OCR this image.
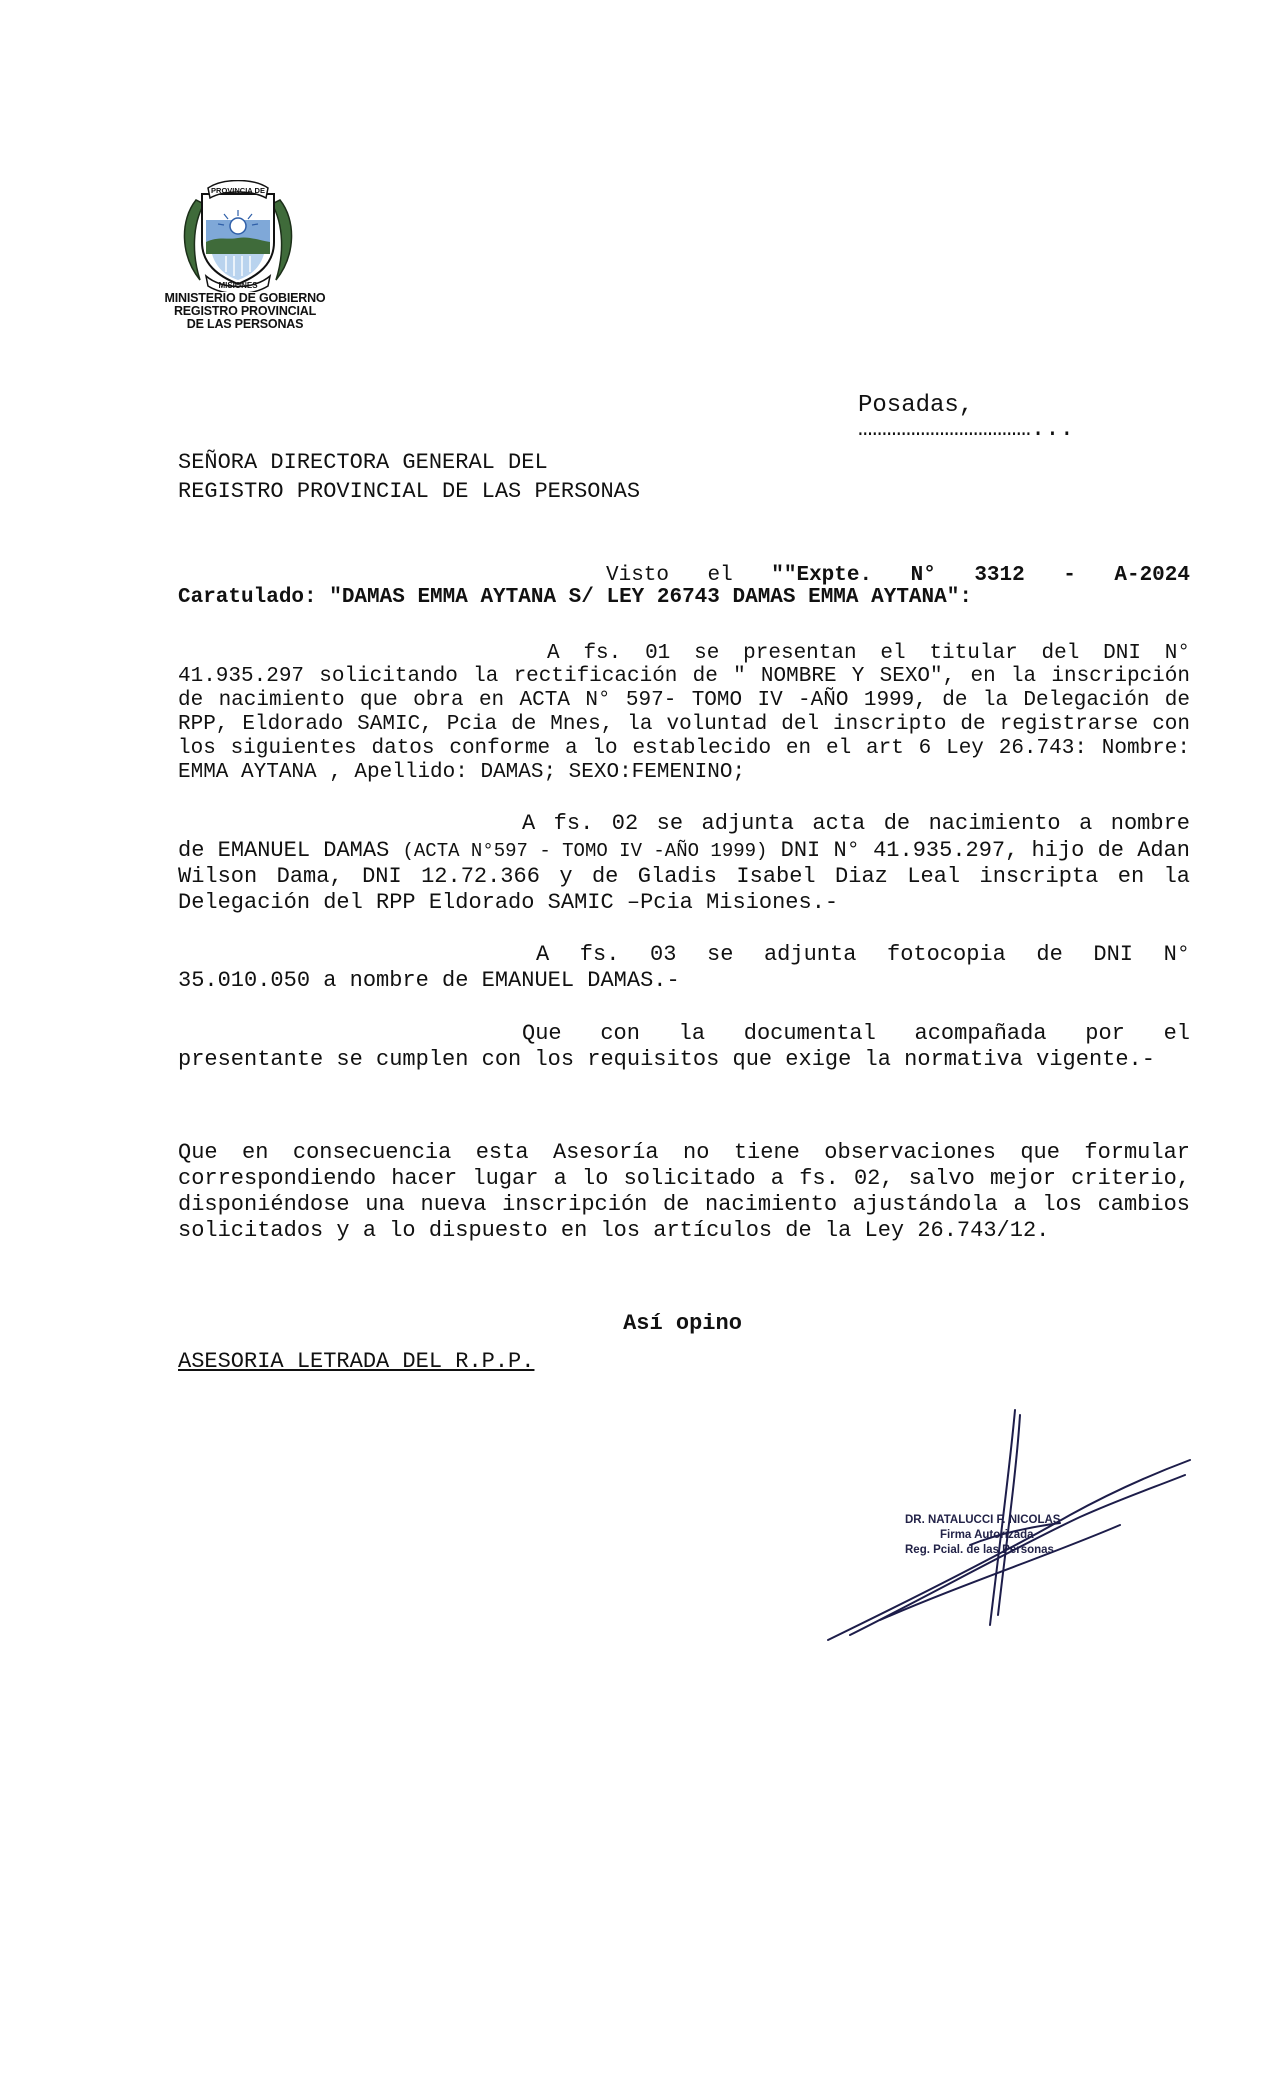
PROVINCIA DE
MISIONES
MINISTERIO DE GOBIERNO
REGISTRO PROVINCIAL
DE LAS PERSONAS
Posadas, ………………………………...
SEÑORA DIRECTORA GENERAL DEL
REGISTRO PROVINCIAL DE LAS PERSONAS
Visto el ""Expte. N° 3312 - A-2024
Caratulado: "DAMAS EMMA AYTANA S/ LEY 26743 DAMAS EMMA AYTANA":
A fs. 01 se presentan el titular del DNI N°
41.935.297 solicitando la rectificación de " NOMBRE Y SEXO", en la inscripción de nacimiento que obra en ACTA N° 597- TOMO IV -AÑO 1999, de la Delegación de RPP, Eldorado SAMIC, Pcia de Mnes, la voluntad del inscripto de registrarse con los siguientes datos conforme a lo establecido en el art 6 Ley 26.743: Nombre: EMMA AYTANA , Apellido: DAMAS; SEXO:FEMENINO;
A fs. 02 se adjunta acta de nacimiento a nombre
de EMANUEL DAMAS (ACTA N°597 - TOMO IV -AÑO 1999) DNI N° 41.935.297, hijo de Adan Wilson Dama, DNI 12.72.366 y de Gladis Isabel Diaz Leal inscripta en la Delegación del RPP Eldorado SAMIC –Pcia Misiones.-
A fs. 03 se adjunta fotocopia de DNI N°
35.010.050 a nombre de EMANUEL DAMAS.-
Que con la documental acompañada por el
presentante se cumplen con los requisitos que exige la normativa vigente.-
Que en consecuencia esta Asesoría no tiene observaciones que formular correspondiendo hacer lugar a lo solicitado a fs. 02, salvo mejor criterio, disponiéndose una nueva inscripción de nacimiento ajustándola a los cambios solicitados y a lo dispuesto en los artículos de la Ley 26.743/12.
Así opino
ASESORIA LETRADA DEL R.P.P.
DR. NATALUCCI F. NICOLAS
Firma Autorizada
Reg. Pcial. de las Personas
